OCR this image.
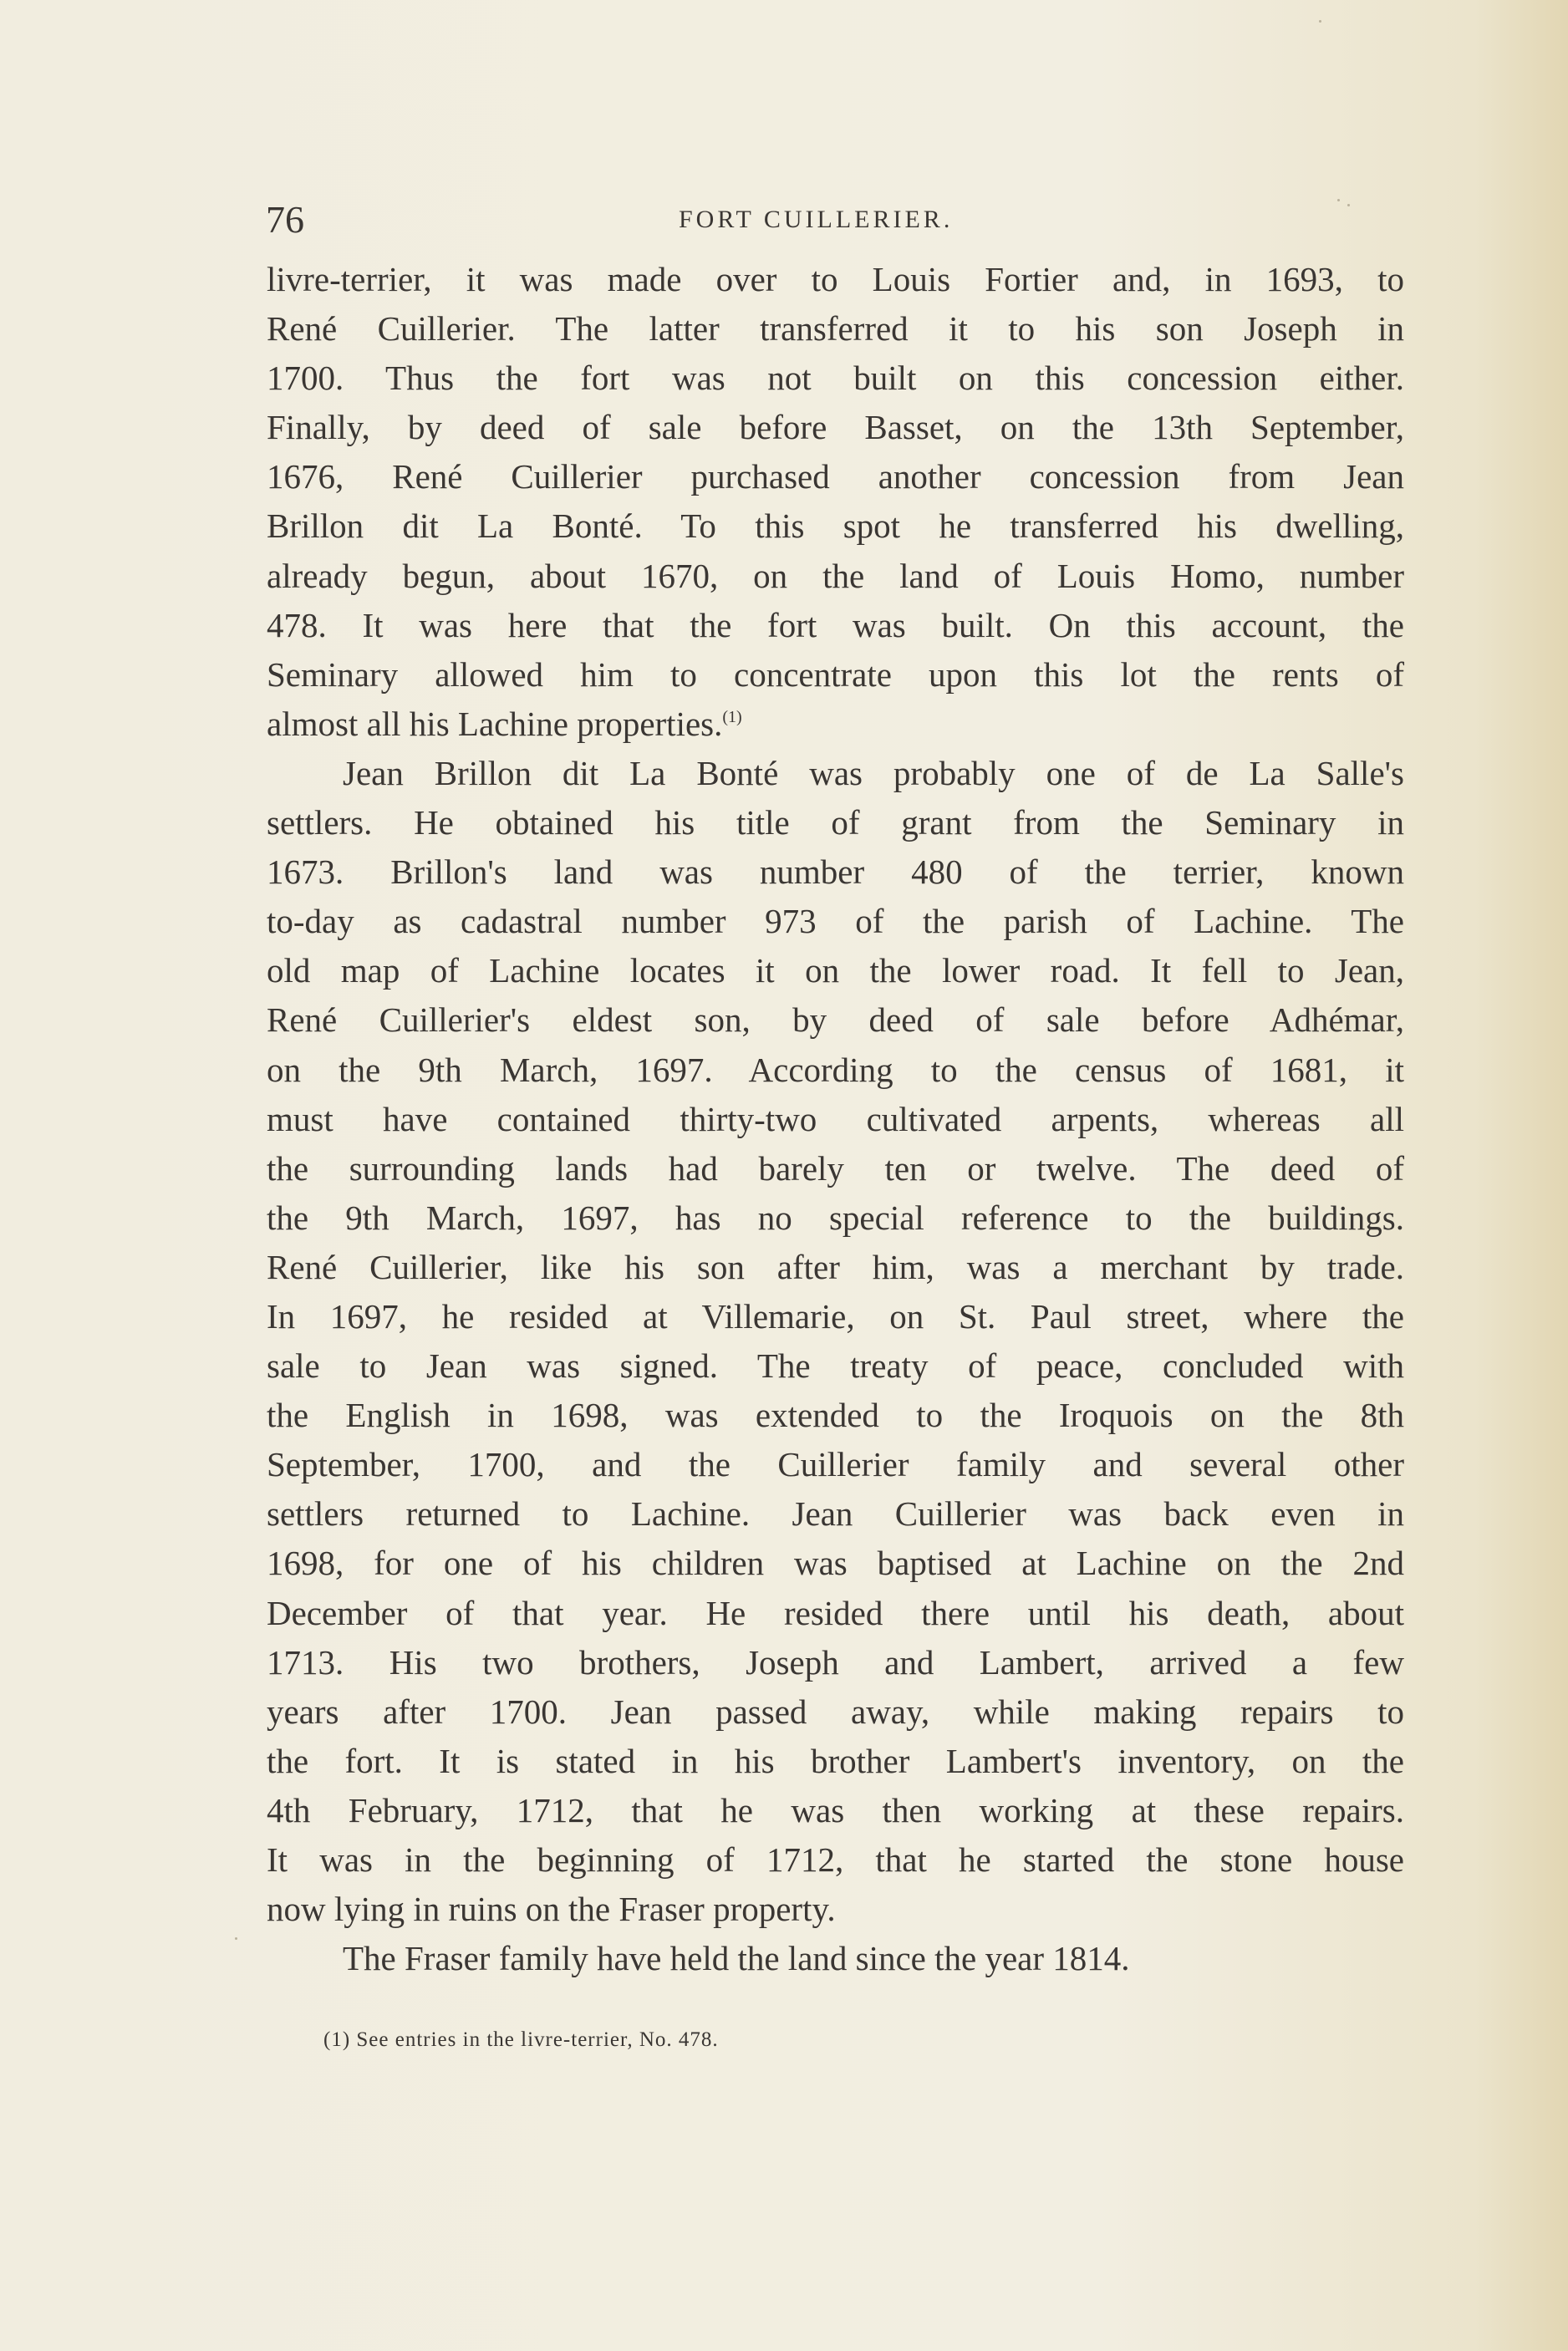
76	FORT CUILLERIER.

livre-terrier, it was made over to Louis Fortier and, in 1693, to
René Cuillerier. The latter transferred it to his son Joseph in
1700. Thus the fort was not built on this concession either.
Finally, by deed of sale before Basset, on the 13th September,
1676, René Cuillerier purchased another concession from Jean
Brillon dit La Bonté. To this spot he transferred his dwelling,
already begun, about 1670, on the land of Louis Homo, number
478. It was here that the fort was built. On this account, the
Seminary allowed him to concentrate upon this lot the rents of
almost all his Lachine properties.$^{(1)}$

Jean Brillon dit La Bonté was probably one of de La Salle's
settlers. He obtained his title of grant from the Seminary in
1673. Brillon's land was number 480 of the terrier, known
to-day as cadastral number 973 of the parish of Lachine. The
old map of Lachine locates it on the lower road. It fell to Jean,
René Cuillerier's eldest son, by deed of sale before Adhémar,
on the 9th March, 1697. According to the census of 1681, it
must have contained thirty-two cultivated arpents, whereas all
the surrounding lands had barely ten or twelve. The deed of
the 9th March, 1697, has no special reference to the buildings.
René Cuillerier, like his son after him, was a merchant by trade.
In 1697, he resided at Villemarie, on St. Paul street, where the
sale to Jean was signed. The treaty of peace, concluded with
the English in 1698, was extended to the Iroquois on the 8th
September, 1700, and the Cuillerier family and several other
settlers returned to Lachine. Jean Cuillerier was back even in
1698, for one of his children was baptised at Lachine on the 2nd
December of that year. He resided there until his death, about
1713. His two brothers, Joseph and Lambert, arrived a few
years after 1700. Jean passed away, while making repairs to
the fort. It is stated in his brother Lambert's inventory, on the
4th February, 1712, that he was then working at these repairs.
It was in the beginning of 1712, that he started the stone house
now lying in ruins on the Fraser property.

The Fraser family have held the land since the year 1814.

(1) See entries in the livre-terrier, No. 478.
